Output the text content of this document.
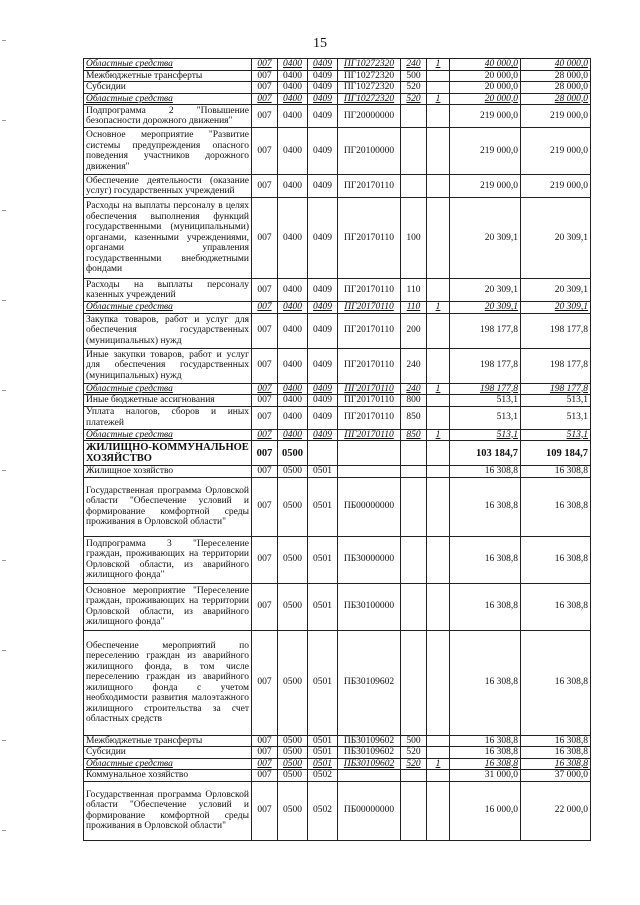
15
Областные средства	007	0400	0409	ПГ10272320	240	1	40 000,0	40 000,0
Межбюджетные трансферты	007	0400	0409	ПГ10272320	500		20 000,0	28 000,0
Субсидии	007	0400	0409	ПГ10272320	520		20 000,0	28 000,0
Областные средства	007	0400	0409	ПГ10272320	520	1	20 000,0	28 000,0
Подпрограмма 2 "Повышение безопасности дорожного движения"	007	0400	0409	ПГ20000000			219 000,0	219 000,0
Основное мероприятие "Развитие системы предупреждения опасного поведения участников дорожного движения"	007	0400	0409	ПГ20100000			219 000,0	219 000,0
Обеспечение деятельности (оказание услуг) государственных учреждений	007	0400	0409	ПГ20170110			219 000,0	219 000,0
Расходы на выплаты персоналу в целях обеспечения выполнения функций государственными (муниципальными) органами, казенными учреждениями, органами управления государственными внебюджетными фондами	007	0400	0409	ПГ20170110	100		20 309,1	20 309,1
Расходы на выплаты персоналу казенных учреждений	007	0400	0409	ПГ20170110	110		20 309,1	20 309,1
Областные средства	007	0400	0409	ПГ20170110	110	1	20 309,1	20 309,1
Закупка товаров, работ и услуг для обеспечения государственных (муниципальных) нужд	007	0400	0409	ПГ20170110	200		198 177,8	198 177,8
Иные закупки товаров, работ и услуг для обеспечения государственных (муниципальных) нужд	007	0400	0409	ПГ20170110	240		198 177,8	198 177,8
Областные средства	007	0400	0409	ПГ20170110	240	1	198 177,8	198 177,8
Иные бюджетные ассигнования	007	0400	0409	ПГ20170110	800		513,1	513,1
Уплата налогов, сборов и иных платежей	007	0400	0409	ПГ20170110	850		513,1	513,1
Областные средства	007	0400	0409	ПГ20170110	850	1	513,1	513,1
ЖИЛИЩНО-КОММУНАЛЬНОЕ ХОЗЯЙСТВО	007	0500					103 184,7	109 184,7
Жилищное хозяйство	007	0500	0501				16 308,8	16 308,8
Государственная программа Орловской области "Обеспечение условий и формирование комфортной среды проживания в Орловской области"	007	0500	0501	ПБ00000000			16 308,8	16 308,8
Подпрограмма 3 "Переселение граждан, проживающих на территории Орловской области, из аварийного жилищного фонда"	007	0500	0501	ПБ30000000			16 308,8	16 308,8
Основное мероприятие "Переселение граждан, проживающих на территории Орловской области, из аварийного жилищного фонда"	007	0500	0501	ПБ30100000			16 308,8	16 308,8
Обеспечение мероприятий по переселению граждан из аварийного жилищного фонда, в том числе переселению граждан из аварийного жилищного фонда с учетом необходимости развития малоэтажного жилищного строительства за счет областных средств	007	0500	0501	ПБ30109602			16 308,8	16 308,8
Межбюджетные трансферты	007	0500	0501	ПБ30109602	500		16 308,8	16 308,8
Субсидии	007	0500	0501	ПБ30109602	520		16 308,8	16 308,8
Областные средства	007	0500	0501	ПБ30109602	520	1	16 308,8	16 308,8
Коммунальное хозяйство	007	0500	0502				31 000,0	37 000,0
Государственная программа Орловской области "Обеспечение условий и формирование комфортной среды проживания в Орловской области"	007	0500	0502	ПБ00000000			16 000,0	22 000,0
